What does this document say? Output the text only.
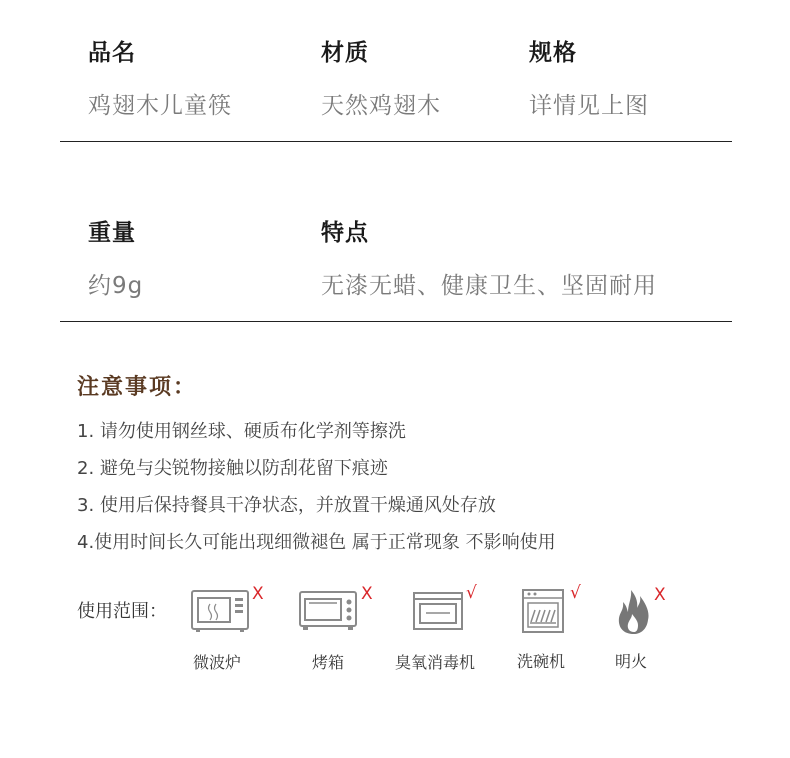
品名
鸡翅木儿童筷
材质
天然鸡翅木
规格
详情见上图
重量
约9g
特点
无漆无蜡、健康卫生、坚固耐用
注意事项：
1. 请勿使用钢丝球、硬质布化学剂等擦洗
2. 避免与尖锐物接触以防刮花留下痕迹
3. 使用后保持餐具干净状态，并放置干燥通风处存放
4.使用时间长久可能出现细微褪色 属于正常现象 不影响使用
使用范围：
X
微波炉
X
烤箱
√
臭氧消毒机
√
洗碗机
X
明火
